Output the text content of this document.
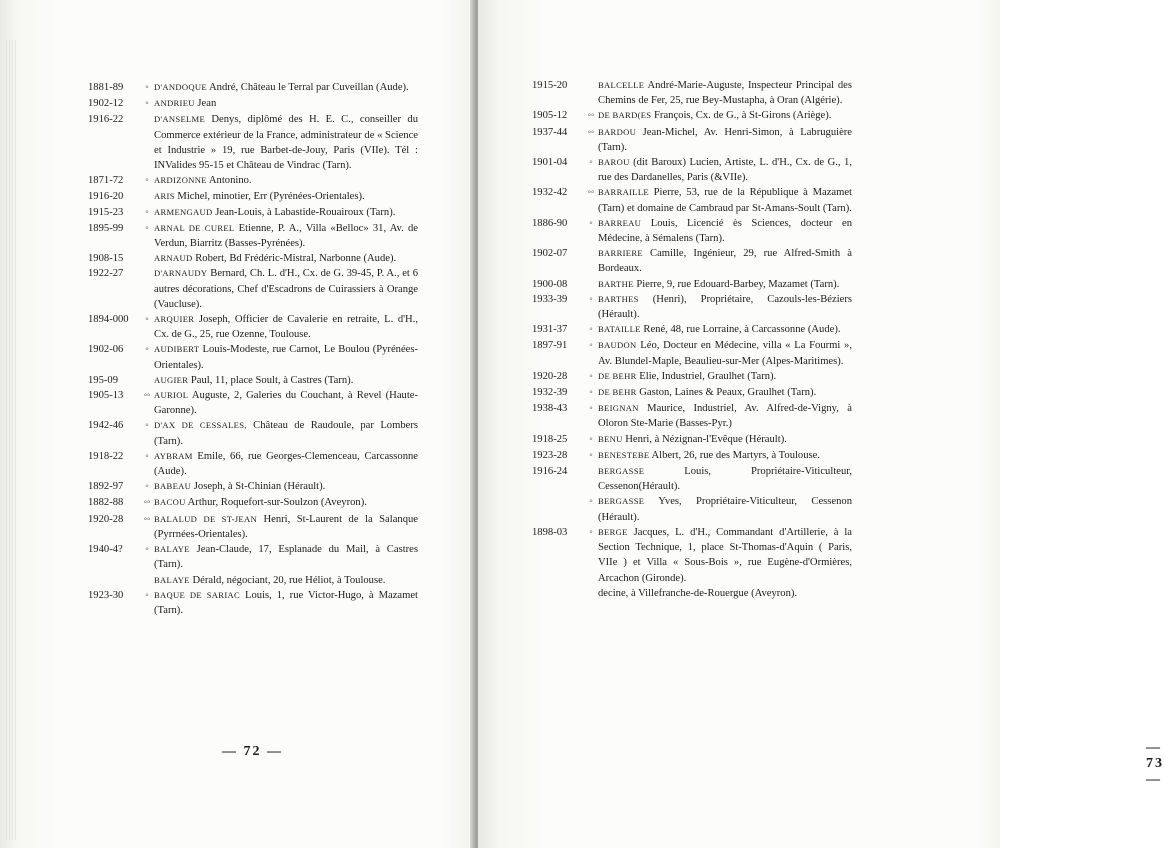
1881-89	° D'ANDOQUE André, Château le Terral par Cuveillan (Aude).
1902-12	° ANDRIEU Jean
1916-22	D'ANSELME Denys, diplômé des H. E. C., conseiller du Commerce extérieur de la France, administrateur de « Science et Industrie » 19, rue Barbet-de-Jouy, Paris (VIIe). Tél : INValides 95-15 et Château de Vindrac (Tarn).
1871-72	° ARDIZONNE Antonino.
1916-20	ARIS Michel, minotier, Err (Pyrénées-Orientales).
1915-23	° ARMENGAUD Jean-Louis, à Labastide-Rouairoux (Tarn).
1895-99	° ARNAL DE CUREL Etienne, P. A., Villa «Belloc» 31, Av. de Verdun, Biarritz (Basses-Pyrénées).
1908-15	ARNAUD Robert, Bd Frédéric-Mistral, Narbonne (Aude).
1922-27	D'ARNAUDY Bernard, Ch. L. d'H., Cx. de G. 39-45, P. A., et 6 autres décorations, Chef d'Escadrons de Cuirassiers à Orange (Vaucluse).
1894-000	° ARQUIER Joseph, Officier de Cavalerie en retraite, L. d'H., Cx. de G., 25, rue Ozenne, Toulouse.
1902-06	° AUDIBERT Louis-Modeste, rue Carnot, Le Boulou (Pyrénées-Orientales).
195-09	AUGIER Paul, 11, place Soult, à Castres (Tarn).
1905-13	°° AURIOL Auguste, 2, Galeries du Couchant, à Revel (Haute-Garonne).
1942-46	° D'AX DE CESSALES, Château de Raudoule, par Lombers (Tarn).
1918-22	° AYBRAM Emile, 66, rue Georges-Clemenceau, Carcassonne (Aude).
1892-97	° BABEAU Joseph, à St-Chinian (Hérault).
1882-88	°° BACOU Arthur, Roquefort-sur-Soulzon (Aveyron).
1920-28	°° BALALUD DE ST-JEAN Henri, St-Laurent de la Salanque (Pyrrnées-Orientales).
1940-4?	° BALAYE Jean-Claude, 17, Esplanade du Mail, à Castres (Tarn).
BALAYE Dérald, négociant, 20, rue Héliot, à Toulouse.
1923-30	° BAQUE DE SARIAC Louis, 1, rue Victor-Hugo, à Mazamet (Tarn).
— 72 —	— 73 —
1915-20	BALCELLE André-Marie-Auguste, Inspecteur Principal des Chemins de Fer, 25, rue Bey-Mustapha, à Oran (Algérie).
1905-12	°° DE BARD(ES François, Cx. de G., à St-Girons (Ariège).
1937-44	°° BARDOU Jean-Michel, Av. Henri-Simon, à Labruguière (Tarn).
1901-04	° BAROU (dit Baroux) Lucien, Artiste, L. d'H., Cx. de G., 1, rue des Dardanelles, Paris (&VIIe).
1932-42	°° BARRAILLE Pierre, 53, rue de la République à Mazamet (Tarn) et domaine de Cambraud par St-Amans-Soult (Tarn).
1886-90	° BARREAU Louis, Licencié ès Sciences, docteur en Médecine, à Sémalens (Tarn).
1902-07	BARRIERE Camille, Ingénieur, 29, rue Alfred-Smith à Bordeaux.
1900-08	BARTHE Pierre, 9, rue Edouard-Barbey, Mazamet (Tarn).
1933-39	° BARTHES (Henri), Propriétaire, Cazouls-les-Béziers (Hérault).
1931-37	° BATAILLE René, 48, rue Lorraine, à Carcassonne (Aude).
1897-91	° BAUDON Léo, Docteur en Médecine, villa « La Fourmi », Av. Blundel-Maple, Beaulieu-sur-Mer (Alpes-Maritimes).
1920-28	° DE BEHR Elie, Industriel, Graulhet (Tarn).
1932-39	° DE BEHR Gaston, Laines & Peaux, Graulhet (Tarn).
1938-43	° BEIGNAN Maurice, Industriel, Av. Alfred-de-Vigny, à Oloron Ste-Marie (Basses-Pyr.)
1918-25	° BENU Henri, à Nézignan-l'Evêque (Hérault).
1923-28	° BENESTEBE Albert, 26, rue des Martyrs, à Toulouse.
1916-24	BERGASSE Louis, Propriétaire-Viticulteur, Cessenon(Hérault).
° BERGASSE Yves, Propriétaire-Viticulteur, Cessenon (Hérault).
1898-03	° BERGE Jacques, L. d'H., Commandant d'Artillerie, à la Section Technique, 1, place St-Thomas-d'Aquin ( Paris, VIIe ) et Villa « Sous-Bois », rue Eugène-d'Ormières, Arcachon (Gironde).
decine, à Villefranche-de-Rouergue (Aveyron).
